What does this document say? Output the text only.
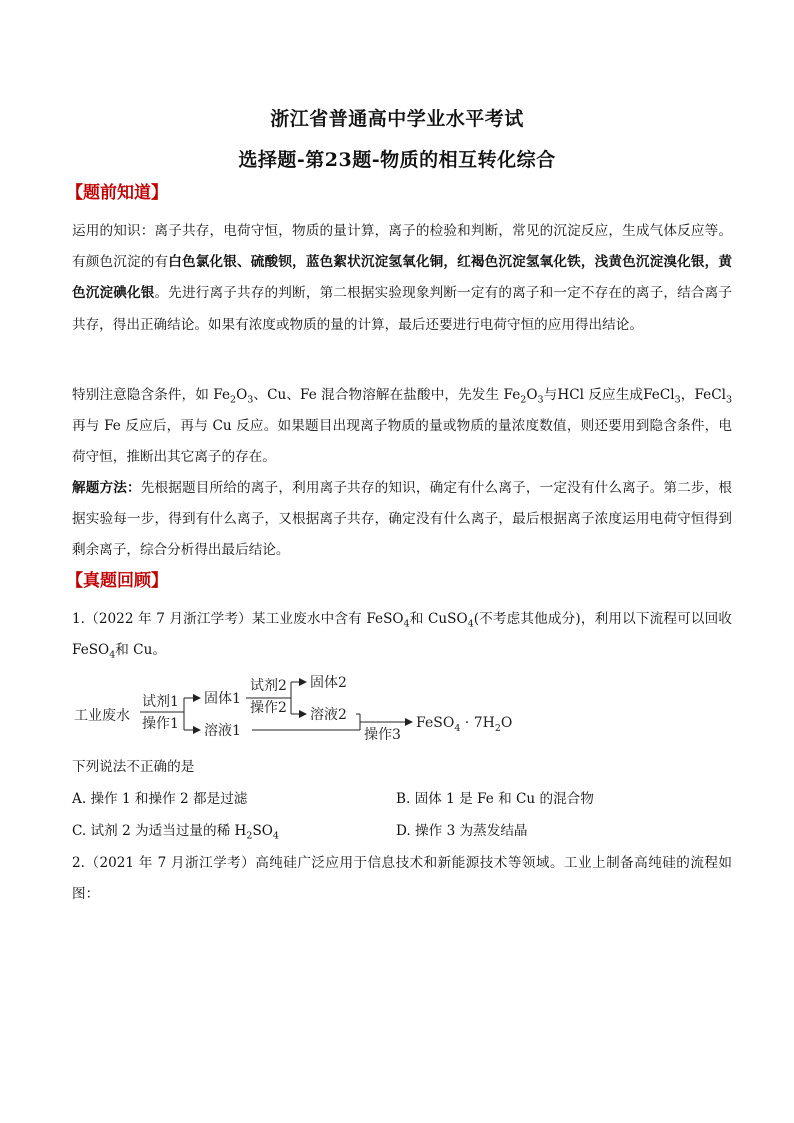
浙江省普通高中学业水平考试
选择题-第23题-物质的相互转化综合
【题前知道】
运用的知识：离子共存，电荷守恒，物质的量计算，离子的检验和判断，常见的沉淀反应，生成气体反应等。有颜色沉淀的有白色氯化银、硫酸钡，蓝色絮状沉淀氢氧化铜，红褐色沉淀氢氧化铁，浅黄色沉淀溴化银，黄色沉淀碘化银。先进行离子共存的判断，第二根据实验现象判断一定有的离子和一定不存在的离子，结合离子共存，得出正确结论。如果有浓度或物质的量的计算，最后还要进行电荷守恒的应用得出结论。
特别注意隐含条件，如 $Fe_2O_3$、Cu、Fe 混合物溶解在盐酸中，先发生 $Fe_2O_3$与HCl 反应生成FeCl$_3$，FeCl$_3$再与 Fe 反应后，再与 Cu 反应。如果题目出现离子物质的量或物质的量浓度数值，则还要用到隐含条件，电荷守恒，推断出其它离子的存在。
解题方法：先根据题目所给的离子，利用离子共存的知识，确定有什么离子，一定没有什么离子。第二步，根据实验每一步，得到有什么离子，又根据离子共存，确定没有什么离子，最后根据离子浓度运用电荷守恒得到剩余离子，综合分析得出最后结论。
【真题回顾】
1.（2022 年 7 月浙江学考）某工业废水中含有 FeSO$_4$和 CuSO$_4$(不考虑其他成分)，利用以下流程可以回收 FeSO$_4$和 Cu。
工业废水
试剂1
操作1
固体1
溶液1
试剂2
操作2
固体2
溶液2
操作3
FeSO$_4$ · $7H_2O$
下列说法不正确的是
A. 操作 1 和操作 2 都是过滤	B. 固体 1 是 Fe 和 Cu 的混合物
C. 试剂 2 为适当过量的稀 $H_2SO_4$	D. 操作 3 为蒸发结晶
2.（2021 年 7 月浙江学考）高纯硅广泛应用于信息技术和新能源技术等领域。工业上制备高纯硅的流程如图：
